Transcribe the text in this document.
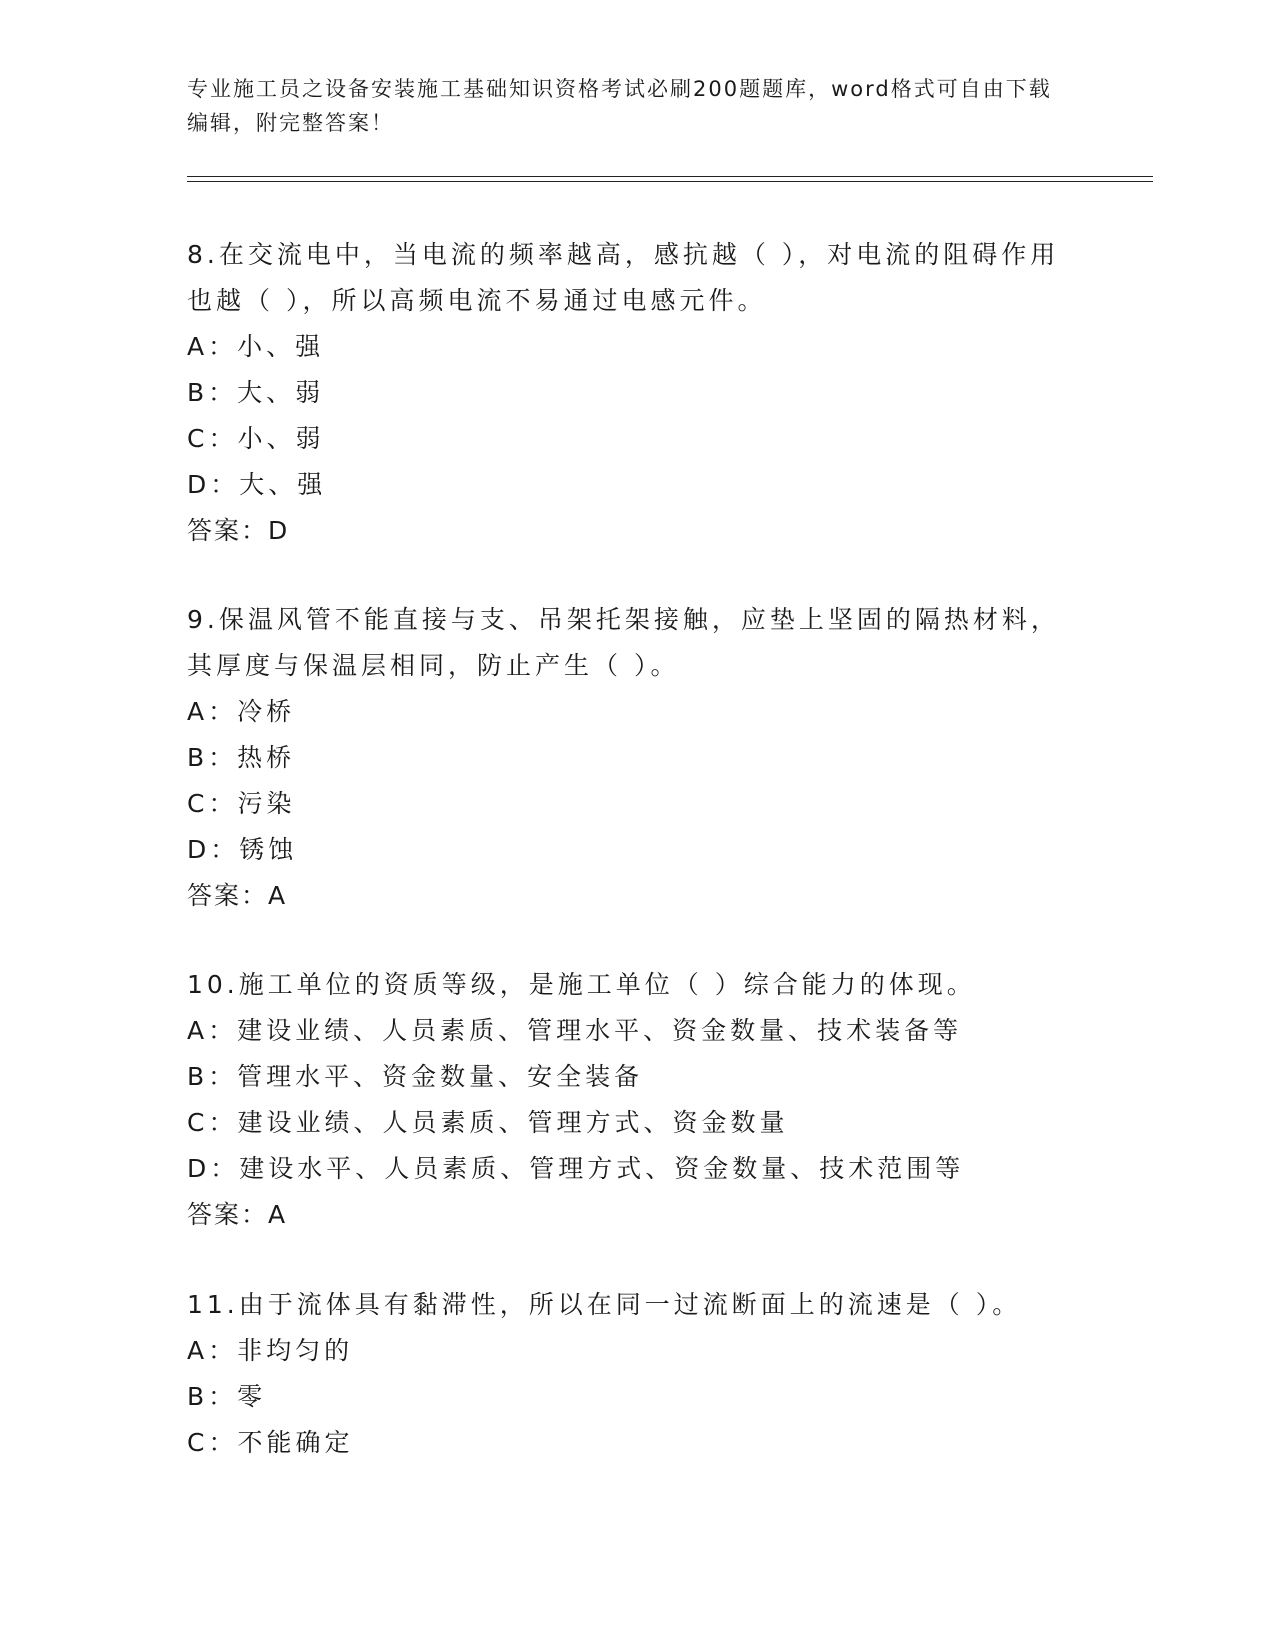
专业施工员之设备安装施工基础知识资格考试必刷200题题库，word格式可自由下载编辑，附完整答案！
8.在交流电中，当电流的频率越高，感抗越（ ），对电流的阻碍作用也越（ ），所以高频电流不易通过电感元件。
A：小、强
B：大、弱
C：小、弱
D：大、强
答案：D
9.保温风管不能直接与支、吊架托架接触，应垫上坚固的隔热材料，其厚度与保温层相同，防止产生（ ）。
A：冷桥
B：热桥
C：污染
D：锈蚀
答案：A
10.施工单位的资质等级，是施工单位（ ）综合能力的体现。
A：建设业绩、人员素质、管理水平、资金数量、技术装备等
B：管理水平、资金数量、安全装备
C：建设业绩、人员素质、管理方式、资金数量
D：建设水平、人员素质、管理方式、资金数量、技术范围等
答案：A
11.由于流体具有黏滞性，所以在同一过流断面上的流速是（ ）。
A：非均匀的
B：零
C：不能确定
